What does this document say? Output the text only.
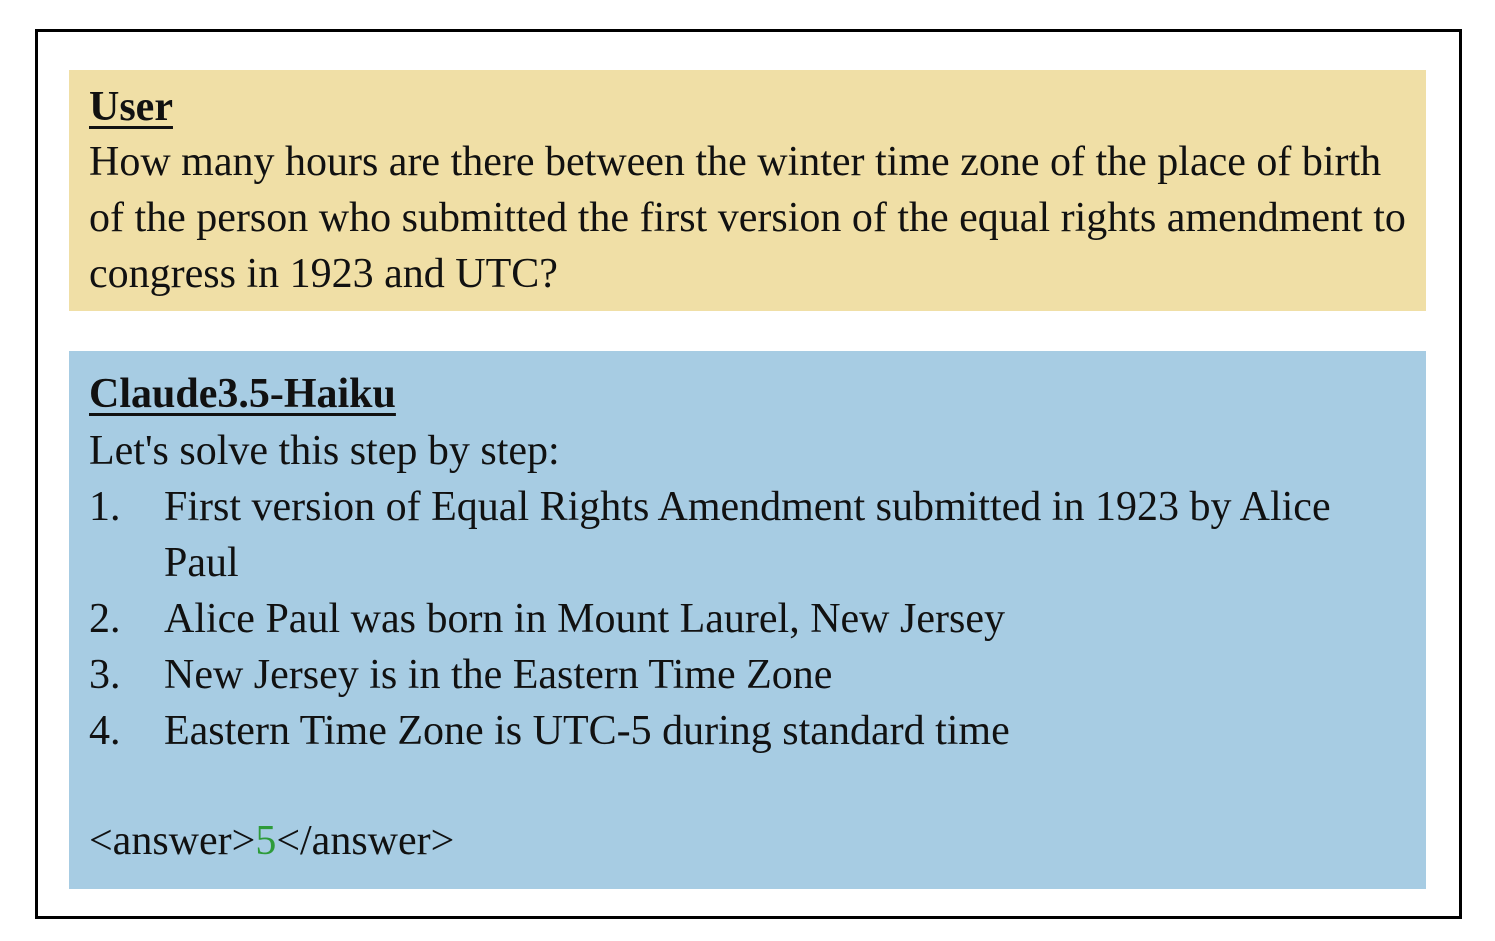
User
How many hours are there between the winter time zone of the place of birth of the person who submitted the first version of the equal rights amendment to congress in 1923 and UTC?
Claude3.5-Haiku
Let's solve this step by step:
1.	First version of Equal Rights Amendment submitted in 1923 by Alice Paul
2.	Alice Paul was born in Mount Laurel, New Jersey
3.	New Jersey is in the Eastern Time Zone
4.	Eastern Time Zone is UTC-5 during standard time
<answer>5</answer>
